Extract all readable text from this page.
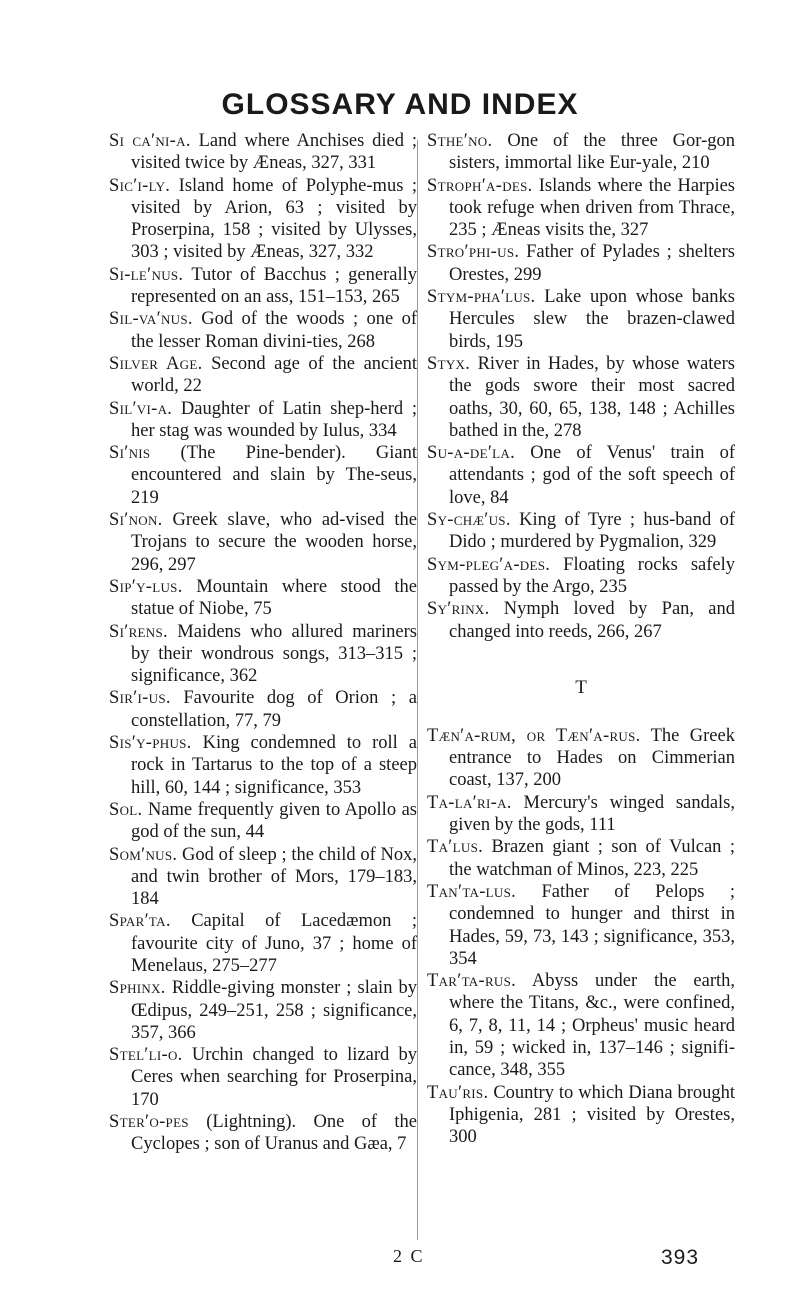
GLOSSARY AND INDEX

Si ca′ni-a. Land where Anchises died ; visited twice by Æneas, 327, 331

Sic′i-ly. Island home of Polyphe-mus ; visited by Arion, 63 ; visited by Proserpina, 158 ; visited by Ulysses, 303 ; visited by Æneas, 327, 332

Si-le′nus. Tutor of Bacchus ; generally represented on an ass, 151–153, 265

Sil-va′nus. God of the woods ; one of the lesser Roman divini-ties, 268

Silver Age. Second age of the ancient world, 22

Sil′vi-a. Daughter of Latin shep-herd ; her stag was wounded by Iulus, 334

Si′nis (The Pine-bender). Giant encountered and slain by The-seus, 219

Si′non. Greek slave, who ad-vised the Trojans to secure the wooden horse, 296, 297

Sip′y-lus. Mountain where stood the statue of Niobe, 75

Si′rens. Maidens who allured mariners by their wondrous songs, 313–315 ; significance, 362

Sir′i-us. Favourite dog of Orion ; a constellation, 77, 79

Sis′y-phus. King condemned to roll a rock in Tartarus to the top of a steep hill, 60, 144 ; significance, 353

Sol. Name frequently given to Apollo as god of the sun, 44

Som′nus. God of sleep ; the child of Nox, and twin brother of Mors, 179–183, 184

Spar′ta. Capital of Lacedæmon ; favourite city of Juno, 37 ; home of Menelaus, 275–277

Sphinx. Riddle-giving monster ; slain by Œdipus, 249–251, 258 ; significance, 357, 366

Stel′li-o. Urchin changed to lizard by Ceres when searching for Proserpina, 170

Ster′o-pes (Lightning). One of the Cyclopes ; son of Uranus and Gæa, 7

Sthe′no. One of the three Gor-gon sisters, immortal like Eur-yale, 210

Stroph′a-des. Islands where the Harpies took refuge when driven from Thrace, 235 ; Æneas visits the, 327

Stro′phi-us. Father of Pylades ; shelters Orestes, 299

Stym-pha′lus. Lake upon whose banks Hercules slew the brazen-clawed birds, 195

Styx. River in Hades, by whose waters the gods swore their most sacred oaths, 30, 60, 65, 138, 148 ; Achilles bathed in the, 278

Su-a-de′la. One of Venus' train of attendants ; god of the soft speech of love, 84

Sy-chæ′us. King of Tyre ; hus-band of Dido ; murdered by Pygmalion, 329

Sym-pleg′a-des. Floating rocks safely passed by the Argo, 235

Sy′rinx. Nymph loved by Pan, and changed into reeds, 266, 267

T

Tæn′a-rum, or Tæn′a-rus. The Greek entrance to Hades on Cimmerian coast, 137, 200

Ta-la′ri-a. Mercury's winged sandals, given by the gods, 111

Ta′lus. Brazen giant ; son of Vulcan ; the watchman of Minos, 223, 225

Tan′ta-lus. Father of Pelops ; condemned to hunger and thirst in Hades, 59, 73, 143 ; significance, 353, 354

Tar′ta-rus. Abyss under the earth, where the Titans, &c., were confined, 6, 7, 8, 11, 14 ; Orpheus' music heard in, 59 ; wicked in, 137–146 ; signifi-cance, 348, 355

Tau′ris. Country to which Diana brought Iphigenia, 281 ; visited by Orestes, 300

2 C	393
